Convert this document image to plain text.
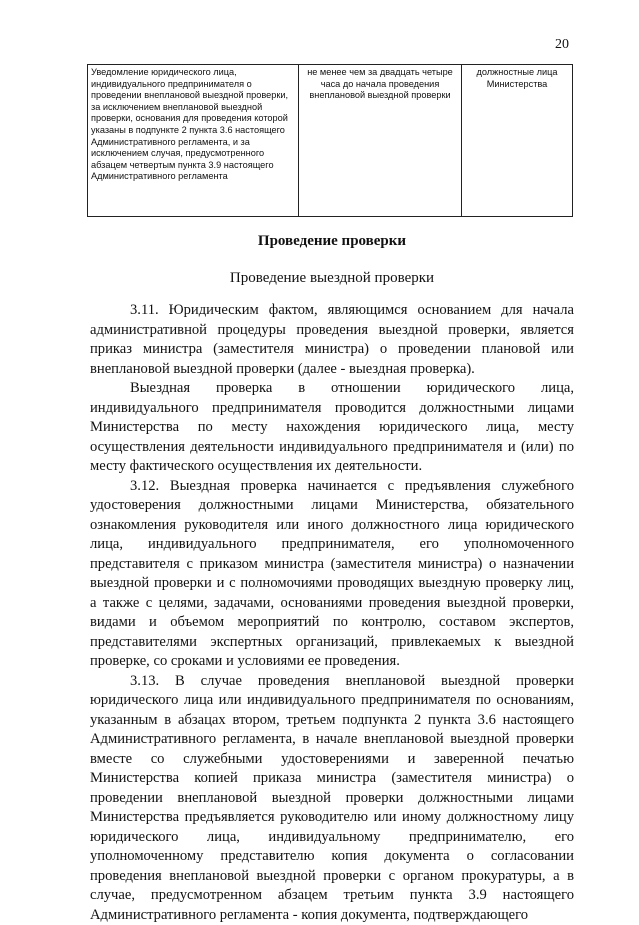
20
Уведомление юридического лица, индивидуального предпринимателя о проведении внеплановой выездной проверки, за исключением внеплановой выездной проверки, основания для проведения которой указаны в подпункте 2 пункта 3.6 настоящего Административного регламента, и за исключением случая, предусмотренного абзацем четвертым пункта 3.9 настоящего Административного регламента	не менее чем за двадцать четыре часа до начала проведения внеплановой выездной проверки	должностные лица Министерства
Проведение проверки
Проведение выездной проверки

3.11. Юридическим фактом, являющимся основанием для начала административной процедуры проведения выездной проверки, является приказ министра (заместителя министра) о проведении плановой или внеплановой выездной проверки (далее - выездная проверка).

Выездная проверка в отношении юридического лица, индивидуального предпринимателя проводится должностными лицами Министерства по месту нахождения юридического лица, месту осуществления деятельности индивидуального предпринимателя и (или) по месту фактического осуществления их деятельности.

3.12. Выездная проверка начинается с предъявления служебного удостоверения должностными лицами Министерства, обязательного ознакомления руководителя или иного должностного лица юридического лица, индивидуального предпринимателя, его уполномоченного представителя с приказом министра (заместителя министра) о назначении выездной проверки и с полномочиями проводящих выездную проверку лиц, а также с целями, задачами, основаниями проведения выездной проверки, видами и объемом мероприятий по контролю, составом экспертов, представителями экспертных организаций, привлекаемых к выездной проверке, со сроками и условиями ее проведения.

3.13. В случае проведения внеплановой выездной проверки юридического лица или индивидуального предпринимателя по основаниям, указанным в абзацах втором, третьем подпункта 2 пункта 3.6 настоящего Административного регламента, в начале внеплановой выездной проверки вместе со служебными удостоверениями и заверенной печатью Министерства копией приказа министра (заместителя министра) о проведении внеплановой выездной проверки должностными лицами Министерства предъявляется руководителю или иному должностному лицу юридического лица, индивидуальному предпринимателю, его уполномоченному представителю копия документа о согласовании проведения внеплановой выездной проверки с органом прокуратуры, а в случае, предусмотренном абзацем третьим пункта 3.9 настоящего Административного регламента - копия документа, подтверждающего
